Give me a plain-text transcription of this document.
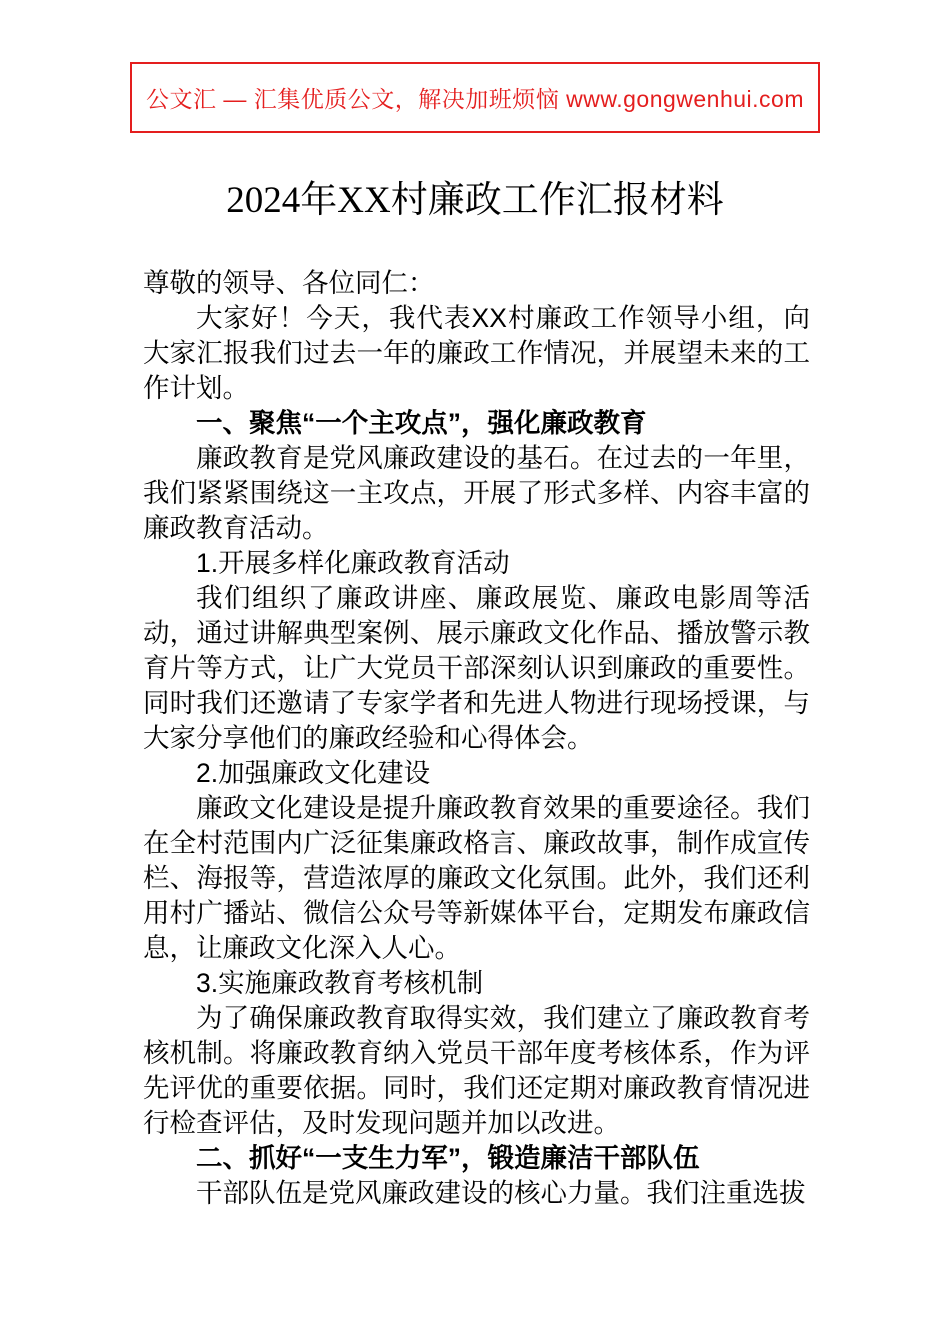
公文汇 — 汇集优质公文，解决加班烦恼 www.gongwenhui.com
2024年XX村廉政工作汇报材料

尊敬的领导、各位同仁：

大家好！今天，我代表XX村廉政工作领导小组，向大家汇报我们过去一年的廉政工作情况，并展望未来的工作计划。

一、聚焦“一个主攻点”，强化廉政教育

廉政教育是党风廉政建设的基石。在过去的一年里，我们紧紧围绕这一主攻点，开展了形式多样、内容丰富的廉政教育活动。

1.开展多样化廉政教育活动

我们组织了廉政讲座、廉政展览、廉政电影周等活动，通过讲解典型案例、展示廉政文化作品、播放警示教育片等方式，让广大党员干部深刻认识到廉政的重要性。同时我们还邀请了专家学者和先进人物进行现场授课，与大家分享他们的廉政经验和心得体会。

2.加强廉政文化建设

廉政文化建设是提升廉政教育效果的重要途径。我们在全村范围内广泛征集廉政格言、廉政故事，制作成宣传栏、海报等，营造浓厚的廉政文化氛围。此外，我们还利用村广播站、微信公众号等新媒体平台，定期发布廉政信息，让廉政文化深入人心。

3.实施廉政教育考核机制

为了确保廉政教育取得实效，我们建立了廉政教育考核机制。将廉政教育纳入党员干部年度考核体系，作为评先评优的重要依据。同时，我们还定期对廉政教育情况进行检查评估，及时发现问题并加以改进。

二、抓好“一支生力军”，锻造廉洁干部队伍

干部队伍是党风廉政建设的核心力量。我们注重选拔
